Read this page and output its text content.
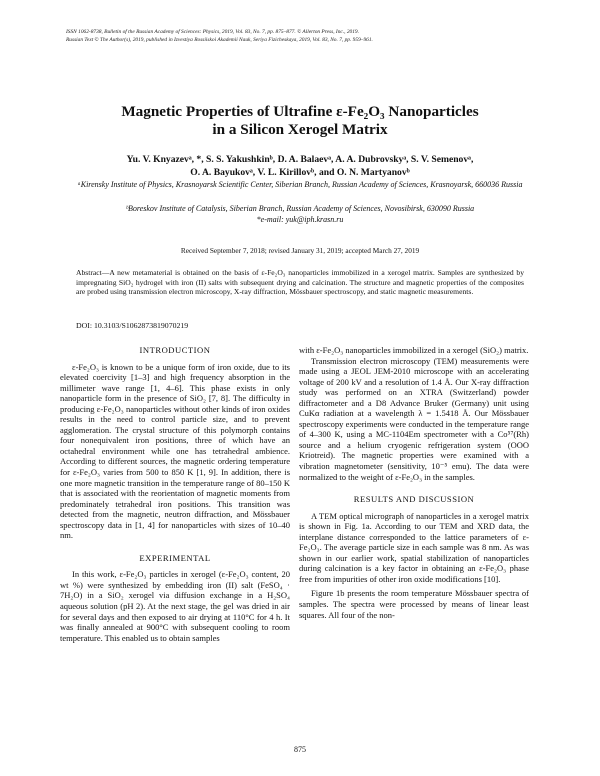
ISSN 1062-8738, Bulletin of the Russian Academy of Sciences: Physics, 2019, Vol. 83, No. 7, pp. 875–877. © Allerton Press, Inc., 2019.
Russian Text © The Author(s), 2019, published in Izvestiya Rossiiskoi Akademii Nauk, Seriya Fizicheskaya, 2019, Vol. 83, No. 7, pp. 959–961.
Magnetic Properties of Ultrafine ε-Fe₂O₃ Nanoparticles
in a Silicon Xerogel Matrix
Yu. V. Knyazevᵃ, *, S. S. Yakushkinᵇ, D. A. Balaevᵃ, A. A. Dubrovskyᵃ, S. V. Semenovᵃ,
O. A. Bayukovᵃ, V. L. Kirillovᵇ, and O. N. Martyanovᵇ
ᵃKirensky Institute of Physics, Krasnoyarsk Scientific Center, Siberian Branch, Russian Academy of Sciences, Krasnoyarsk, 660036 Russia
ᵇBoreskov Institute of Catalysis, Siberian Branch, Russian Academy of Sciences, Novosibirsk, 630090 Russia
*e-mail: yuk@iph.krasn.ru
Received September 7, 2018; revised January 31, 2019; accepted March 27, 2019
Abstract—A new metamaterial is obtained on the basis of ε-Fe₂O₃ nanoparticles immobilized in a xerogel matrix. Samples are synthesized by impregnating SiO₂ hydrogel with iron (II) salts with subsequent drying and calcination. The structure and magnetic properties of the composites are probed using transmission electron microscopy, X-ray diffraction, Mössbauer spectroscopy, and static magnetic measurements.
DOI: 10.3103/S1062873819070219
INTRODUCTION

ε-Fe₂O₃ is known to be a unique form of iron oxide, due to its elevated coercivity [1–3] and high frequency absorption in the millimeter wave range [1, 4–6]. This phase exists in only nanoparticle form in the presence of SiO₂ [7, 8]. The difficulty in producing ε-Fe₂O₃ nanoparticles without other kinds of iron oxides results in the need to control particle size, and to prevent agglomeration. The crystal structure of this polymorph contains four nonequivalent iron positions, three of which have an octahedral environment while one has tetrahedral ambience. According to different sources, the magnetic ordering temperature for ε-Fe₂O₃ varies from 500 to 850 K [1, 9]. In addition, there is one more magnetic transition in the temperature range of 80–150 K that is associated with the reorientation of magnetic moments from predominately tetrahedral iron positions. This transition was detected from the magnetic, neutron diffraction, and Mössbauer spectroscopy data in [1, 4] for nanoparticles with sizes of 10–40 nm.

EXPERIMENTAL

In this work, ε-Fe₂O₃ particles in xerogel (ε-Fe₂O₃ content, 20 wt %) were synthesized by embedding iron (II) salt (FeSO₄ · 7H₂O) in a SiO₂ xerogel via diffusion exchange in a H₂SO₄ aqueous solution (pH 2). At the next stage, the gel was dried in air for several days and then exposed to air drying at 110°C for 4 h. It was finally annealed at 900°C with subsequent cooling to room temperature. This enabled us to obtain samples

with ε-Fe₂O₃ nanoparticles immobilized in a xerogel (SiO₂) matrix.

Transmission electron microscopy (TEM) measurements were made using a JEOL JEM-2010 microscope with an accelerating voltage of 200 kV and a resolution of 1.4 Å. Our X-ray diffraction study was performed on an XTRA (Switzerland) powder diffractometer and a D8 Advance Bruker (Germany) unit using CuKα radiation at a wavelength λ = 1.5418 Å. Our Mössbauer spectroscopy experiments were conducted in the temperature range of 4–300 K, using a MC-1104Em spectrometer with a Co⁵⁷(Rh) source and a helium cryogenic refrigeration system (OOO Kriotreid). The magnetic properties were examined with a vibration magnetometer (sensitivity, 10⁻⁵ emu). The data were normalized to the weight of ε-Fe₂O₃ in the samples.

RESULTS AND DISCUSSION

A TEM optical micrograph of nanoparticles in a xerogel matrix is shown in Fig. 1a. According to our TEM and XRD data, the interplane distance corresponded to the lattice parameters of ε-Fe₂O₃. The average particle size in each sample was 8 nm. As was shown in our earlier work, spatial stabilization of nanoparticles during calcination is a key factor in obtaining an ε-Fe₂O₃ phase free from impurities of other iron oxide modifications [10].

Figure 1b presents the room temperature Mössbauer spectra of samples. The spectra were processed by means of linear least squares. All four of the non-

875
